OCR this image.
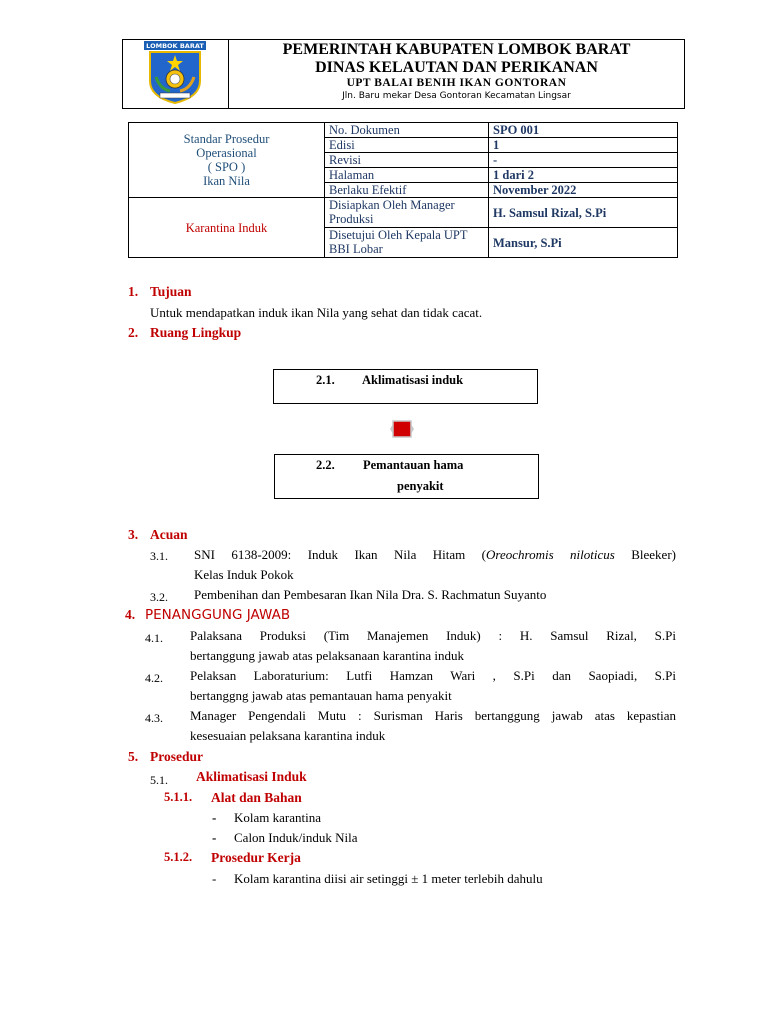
LOMBOK BARAT	PEMERINTAH KABUPATEN LOMBOK BARAT
DINAS KELAUTAN DAN PERIKANAN
UPT BALAI BENIH IKAN GONTORAN
Jln. Baru mekar Desa Gontoran Kecamatan Lingsar
Standar Prosedur
Operasional
( SPO )
Ikan Nila	No. Dokumen	SPO 001
	Edisi	1
	Revisi	-
	Halaman	1 dari 2
	Berlaku Efektif	November 2022
Karantina Induk	Disiapkan Oleh Manager Produksi	H. Samsul Rizal, S.Pi
	Disetujui Oleh Kepala UPT BBI Lobar	Mansur, S.Pi
1. Tujuan
Untuk mendapatkan induk ikan Nila yang sehat dan tidak cacat.
2. Ruang Lingkup
2.1. Aklimatisasi induk
2.2. Pemantauan hama
penyakit
3. Acuan
3.1. SNI 6138-2009: Induk Ikan Nila Hitam (Oreochromis niloticus Bleeker)
Kelas Induk Pokok
3.2. Pembenihan dan Pembesaran Ikan Nila Dra. S. Rachmatun Suyanto
4. PENANGGUNG JAWAB
4.1. Palaksana Produksi (Tim Manajemen Induk) : H. Samsul Rizal, S.Pi
bertanggung jawab atas pelaksanaan karantina induk
4.2. Pelaksan Laboraturium: Lutfi Hamzan Wari , S.Pi dan Saopiadi, S.Pi
bertanggng jawab atas pemantauan hama penyakit
4.3. Manager Pengendali Mutu : Surisman Haris bertanggung jawab atas kepastian
kesesuaian pelaksana karantina induk
5. Prosedur
5.1. Aklimatisasi Induk
5.1.1. Alat dan Bahan
- Kolam karantina
- Calon Induk/induk Nila
5.1.2. Prosedur Kerja
- Kolam karantina diisi air setinggi ± 1 meter terlebih dahulu
